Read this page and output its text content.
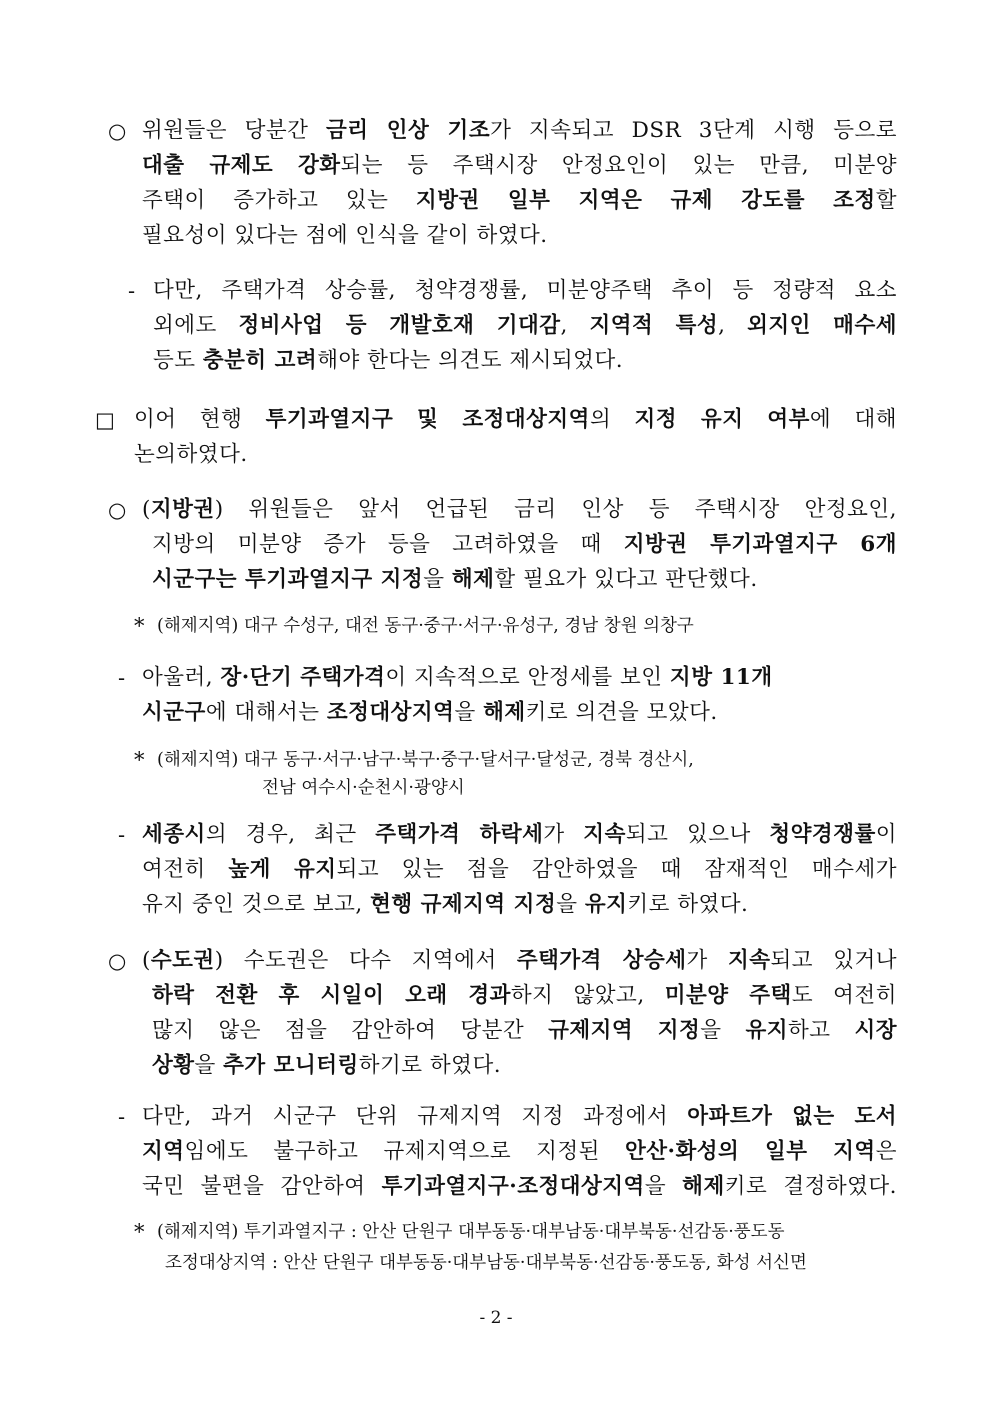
○ 위원들은 당분간 금리 인상 기조가 지속되고 DSR 3단계 시행 등으로
대출 규제도 강화되는 등 주택시장 안정요인이 있는 만큼, 미분양
주택이 증가하고 있는 지방권 일부 지역은 규제 강도를 조정할
필요성이 있다는 점에 인식을 같이 하였다.
- 다만, 주택가격 상승률, 청약경쟁률, 미분양주택 추이 등 정량적 요소
외에도 정비사업 등 개발호재 기대감, 지역적 특성, 외지인 매수세
등도 충분히 고려해야 한다는 의견도 제시되었다.
□ 이어 현행 투기과열지구 및 조정대상지역의 지정 유지 여부에 대해
논의하였다.
○ (지방권) 위원들은 앞서 언급된 금리 인상 등 주택시장 안정요인,
지방의 미분양 증가 등을 고려하였을 때 지방권 투기과열지구 6개
시군구는 투기과열지구 지정을 해제할 필요가 있다고 판단했다.
* (해제지역) 대구 수성구, 대전 동구·중구·서구·유성구, 경남 창원 의창구
- 아울러, 장·단기 주택가격이 지속적으로 안정세를 보인 지방 11개
시군구에 대해서는 조정대상지역을 해제키로 의견을 모았다.
* (해제지역) 대구 동구·서구·남구·북구·중구·달서구·달성군, 경북 경산시,
전남 여수시·순천시·광양시
- 세종시의 경우, 최근 주택가격 하락세가 지속되고 있으나 청약경쟁률이
여전히 높게 유지되고 있는 점을 감안하였을 때 잠재적인 매수세가
유지 중인 것으로 보고, 현행 규제지역 지정을 유지키로 하였다.
○ (수도권) 수도권은 다수 지역에서 주택가격 상승세가 지속되고 있거나
하락 전환 후 시일이 오래 경과하지 않았고, 미분양 주택도 여전히
많지 않은 점을 감안하여 당분간 규제지역 지정을 유지하고 시장
상황을 추가 모니터링하기로 하였다.
- 다만, 과거 시군구 단위 규제지역 지정 과정에서 아파트가 없는 도서
지역임에도 불구하고 규제지역으로 지정된 안산·화성의 일부 지역은
국민 불편을 감안하여 투기과열지구·조정대상지역을 해제키로 결정하였다.
* (해제지역) 투기과열지구 : 안산 단원구 대부동동·대부남동·대부북동·선감동·풍도동
조정대상지역 : 안산 단원구 대부동동·대부남동·대부북동·선감동·풍도동, 화성 서신면
- 2 -
